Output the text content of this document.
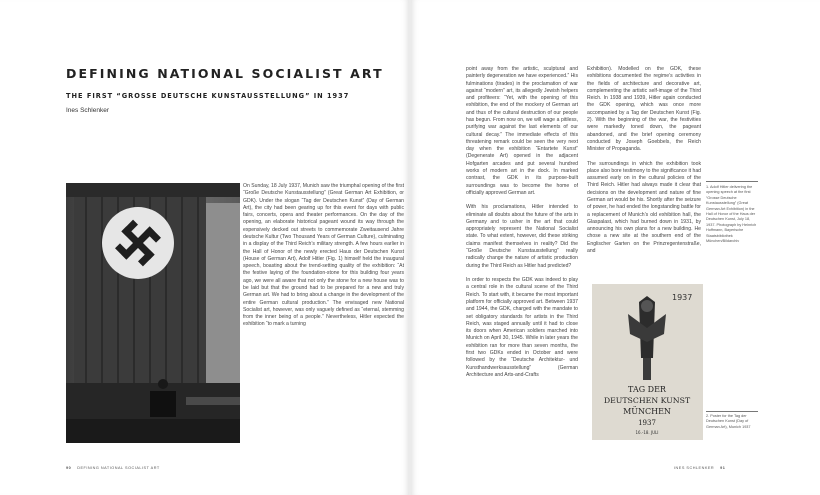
DEFINING NATIONAL SOCIALIST ART
THE FIRST “GROSSE DEUTSCHE KUNSTAUSSTELLUNG” IN 1937
Ines Schlenker

On Sunday, 18 July 1937, Munich saw the triumphal opening of the first “Große Deutsche Kunstausstellung” (Great German Art Exhibition, or GDK). Under the slogan “Tag der Deutschen Kunst” (Day of German Art), the city had been gearing up for this event for days with public fairs, concerts, opera and theater performances. On the day of the opening, an elaborate historical pageant wound its way through the expensively decked out streets to commemorate Zweitausend Jahre deutsche Kultur (Two Thousand Years of German Culture), culminating in a display of the Third Reich’s military strength. A few hours earlier in the Hall of Honor of the newly erected Haus der Deutschen Kunst (House of German Art), Adolf Hitler (Fig. 1) himself held the inaugural speech, boasting about the trend-setting quality of the exhibition: “At the festive laying of the foundation-stone for this building four years ago, we were all aware that not only the stone for a new house was to be laid but that the ground had to be prepared for a new and truly German art. We had to bring about a change in the development of the entire German cultural production.” The envisaged new National Socialist art, however, was only vaguely defined as “eternal, stemming from the inner being of a people.” Nevertheless, Hitler expected the exhibition “to mark a turning

point away from the artistic, sculptural and painterly degeneration we have experienced.” His fulminations (tirades) in the proclamation of war against “modern” art, its allegedly Jewish helpers and profiteers: “Yet, with the opening of this exhibition, the end of the mockery of German art and thus of the cultural destruction of our people has begun. From now on, we will wage a pitiless, purifying war against the last elements of our cultural decay.” The immediate effects of this threatening remark could be seen the very next day when the exhibition “Entartete Kunst” (Degenerate Art) opened in the adjacent Hofgarten arcades and put several hundred works of modern art in the dock. In marked contrast, the GDK in its purpose-built surroundings was to become the home of officially approved German art.

With his proclamations, Hitler intended to eliminate all doubts about the future of the arts in Germany and to usher in the art that could appropriately represent the National Socialist state. To what extent, however, did these striking claims manifest themselves in reality? Did the “Große Deutsche Kunstausstellung” really radically change the nature of artistic production during the Third Reich as Hitler had predicted?

In order to respects the GDK was indeed to play a central role in the cultural scene of the Third Reich. To start with, it became the most important platform for officially approved art. Between 1937 and 1944, the GDK, charged with the mandate to set obligatory standards for artists in the Third Reich, was staged annually until it had to close its doors when American soldiers marched into Munich on April 30, 1945. While in later years the exhibition ran for more than seven months, the first two GDKs ended in October and were followed by the “Deutsche Architektur- und Kunsthandwerksausstellung” (German Architecture and Arts-and-Crafts

Exhibition). Modelled on the GDK, these exhibitions documented the regime’s activities in the fields of architecture and decorative art, complementing the artistic self-image of the Third Reich. In 1938 and 1939, Hitler again conducted the GDK opening, which was once more accompanied by a Tag der Deutschen Kunst (Fig. 2). With the beginning of the war, the festivities were markedly toned down, the pageant abandoned, and the brief opening ceremony conducted by Joseph Goebbels, the Reich Minister of Propaganda.

The surroundings in which the exhibition took place also bore testimony to the significance it had assumed early on in the cultural policies of the Third Reich. Hitler had always made it clear that decisions on the development and nature of fine German art would be his. Shortly after the seizure of power, he had ended the longstanding battle for a replacement of Munich’s old exhibition hall, the Glaspalast, which had burned down in 1931, by announcing his own plans for a new building. He chose a new site at the southern end of the Englischer Garten on the Prinzregentenstraße, and

1. Adolf Hitler delivering the opening speech at the first “Grosse Deutsche Kunstausstellung” (Great German Art Exhibition) in the Hall of Honor of the Haus der Deutschen Kunst, July 18, 1937. Photograph by Heinrich Hoffmann, Bayerische Staatsbibliothek München/Bildarchiv
2. Poster for the Tag der Deutschen Kunst (Day of German Art), Munich 1937
1937
TAG DER
DEUTSCHEN KUNST
MÜNCHEN
1937
16.-18. JULI
90 DEFINING NATIONAL SOCIALIST ART	INES SCHLENKER 91
